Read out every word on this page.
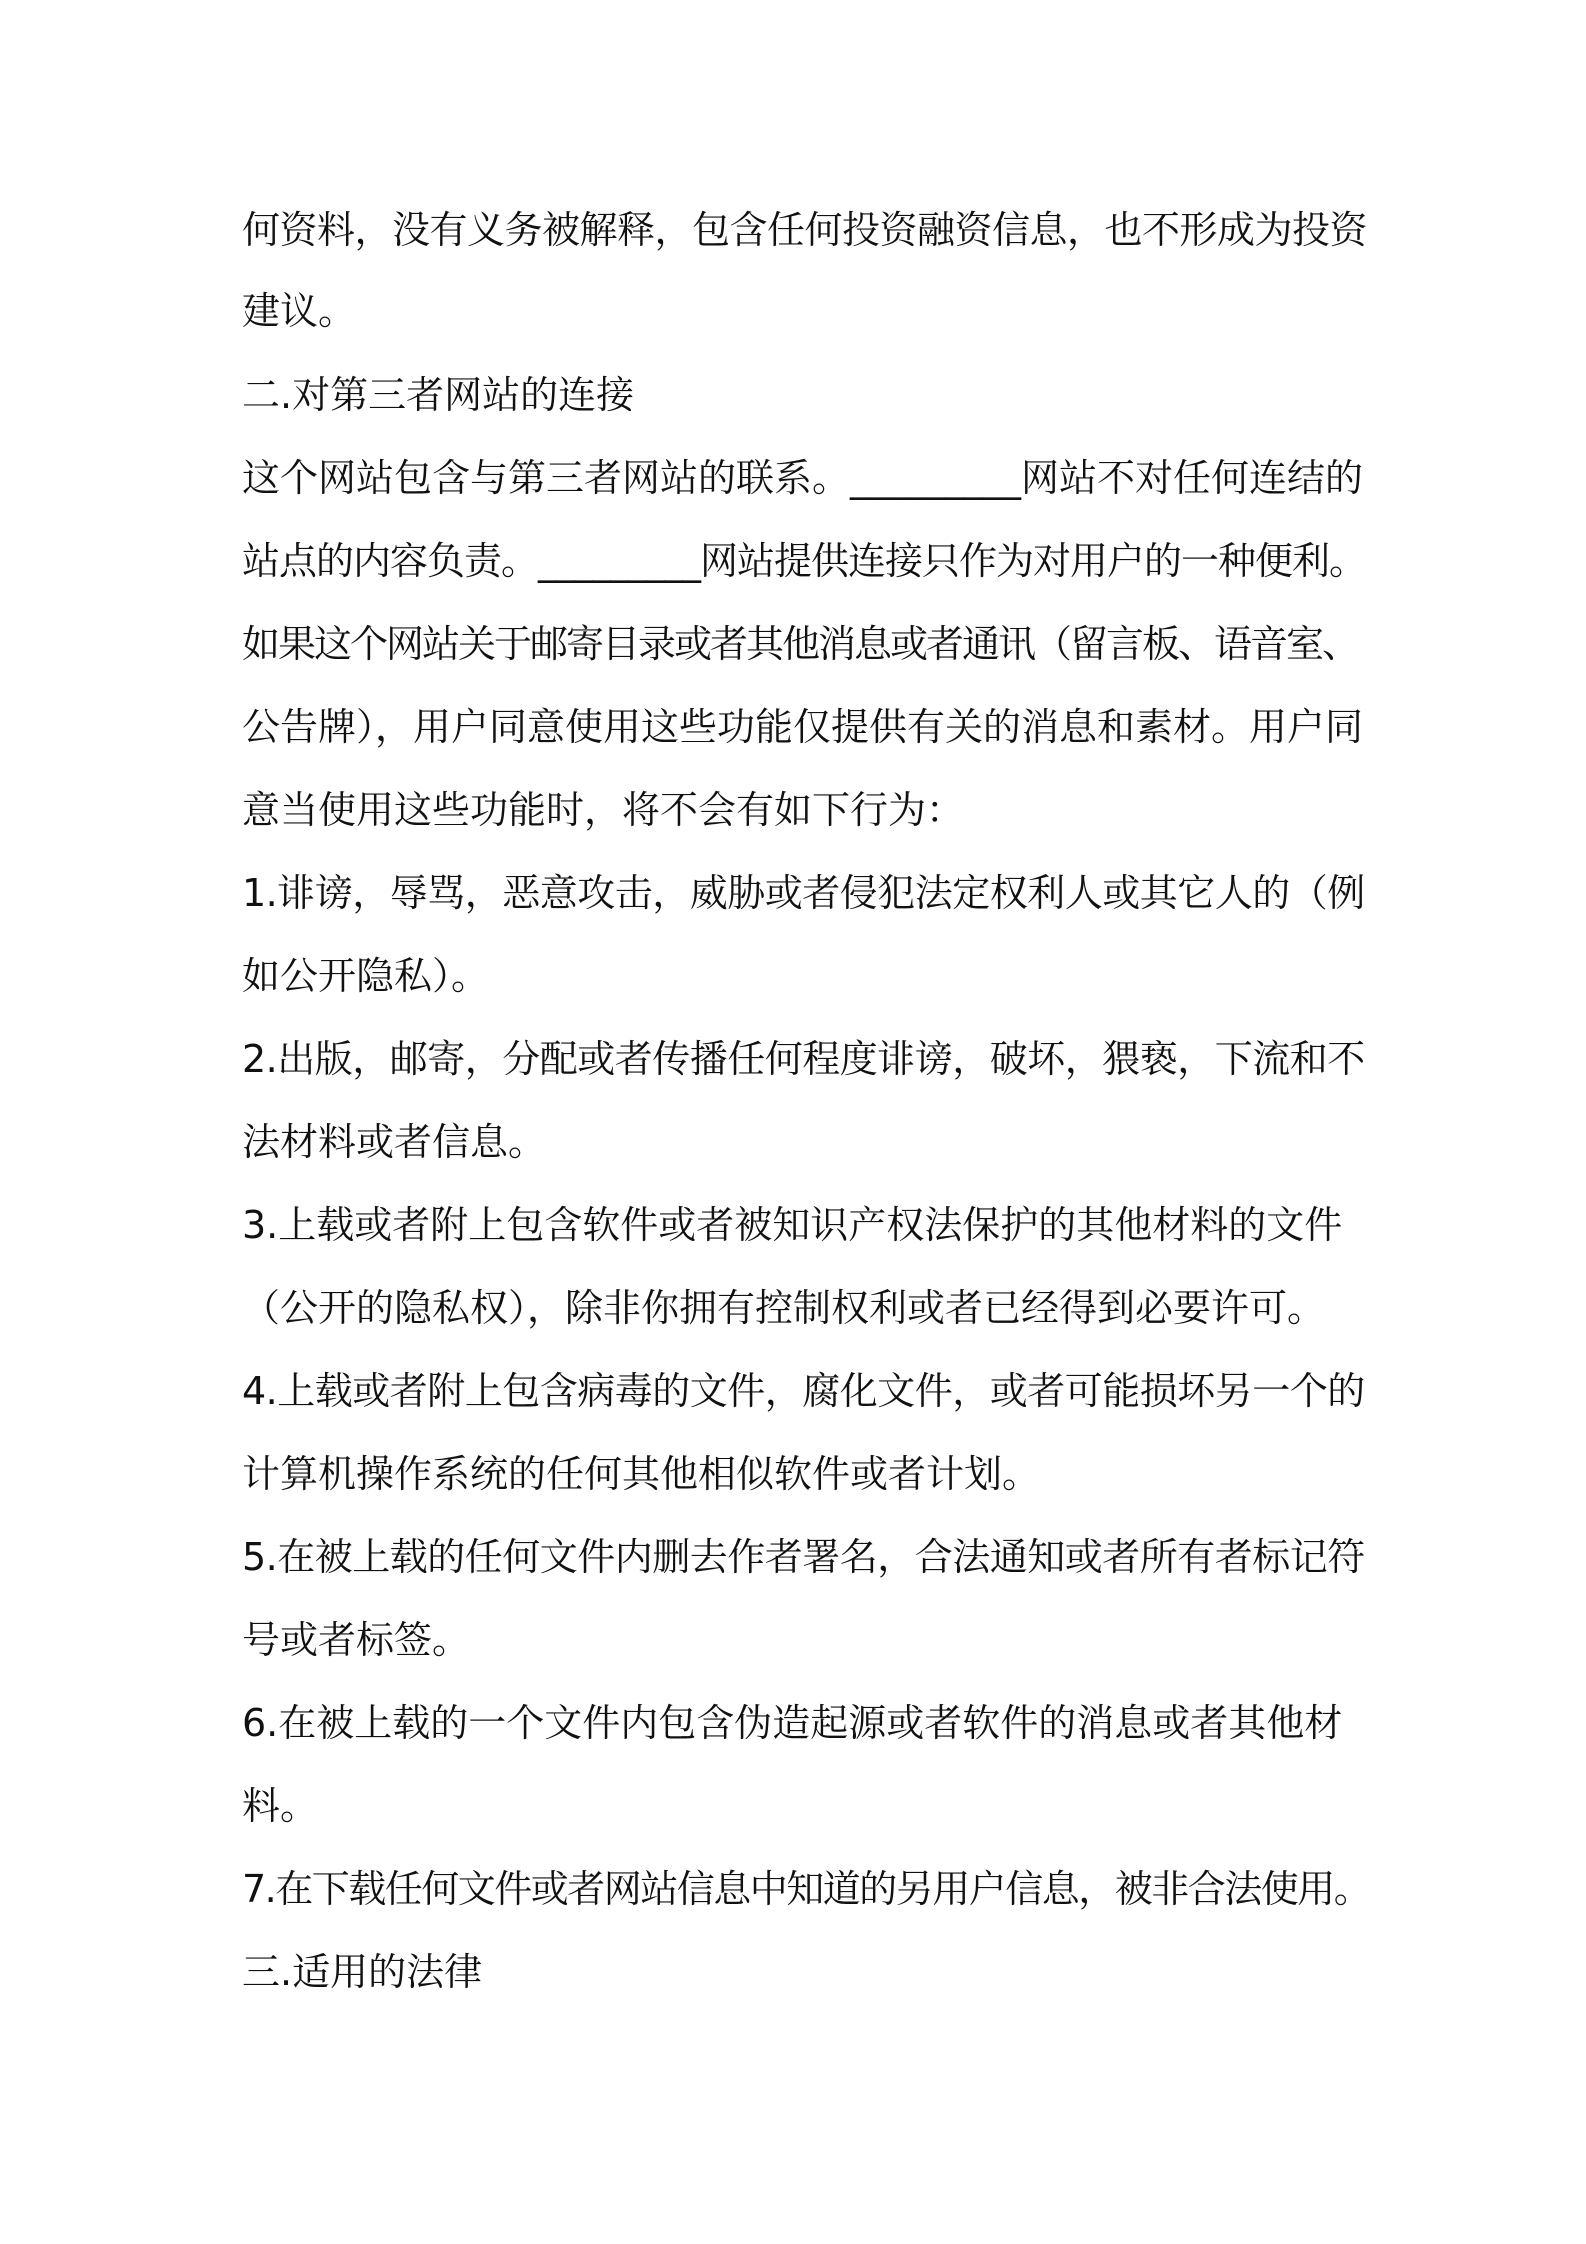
何资料，没有义务被解释，包含任何投资融资信息，也不形成为投资

建议。

二.对第三者网站的连接

这个网站包含与第三者网站的联系。_________网站不对任何连结的

站点的内容负责。_________网站提供连接只作为对用户的一种便利。

如果这个网站关于邮寄目录或者其他消息或者通讯（留言板、语音室、

公告牌），用户同意使用这些功能仅提供有关的消息和素材。用户同

意当使用这些功能时，将不会有如下行为：

1.诽谤，辱骂，恶意攻击，威胁或者侵犯法定权利人或其它人的（例

如公开隐私）。

2.出版，邮寄，分配或者传播任何程度诽谤，破坏，猥亵，下流和不

法材料或者信息。

3.上载或者附上包含软件或者被知识产权法保护的其他材料的文件

（公开的隐私权），除非你拥有控制权利或者已经得到必要许可。

4.上载或者附上包含病毒的文件，腐化文件，或者可能损坏另一个的

计算机操作系统的任何其他相似软件或者计划。

5.在被上载的任何文件内删去作者署名，合法通知或者所有者标记符

号或者标签。

6.在被上载的一个文件内包含伪造起源或者软件的消息或者其他材

料。

7.在下载任何文件或者网站信息中知道的另用户信息，被非合法使用。

三.适用的法律
